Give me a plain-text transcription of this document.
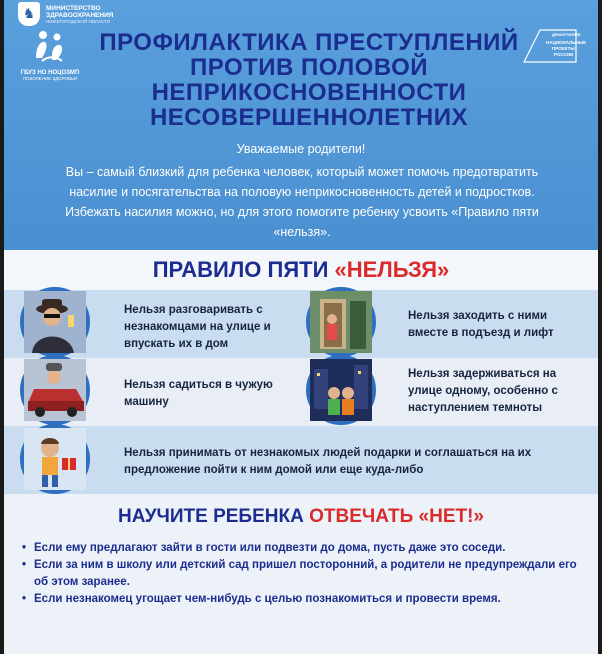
♞	МИНИСТЕРСТВО
ЗДРАВООХРАНЕНИЯ
НИЖЕГОРОДСКОЙ ОБЛАСТИ
ГБУЗ НО НОЦОЗМП
ПОКОЛЕНИЕ ЗДОРОВЬЯ
ДЕМОГРАФИЯ
НАЦИОНАЛЬНЫЕ
ПРОЕКТЫ
РОССИИ
ПРОФИЛАКТИКА ПРЕСТУПЛЕНИЙ
ПРОТИВ ПОЛОВОЙ
НЕПРИКОСНОВЕННОСТИ
НЕСОВЕРШЕННОЛЕТНИХ
Уважаемые родители!
Вы – самый близкий для ребенка человек, который может помочь предотвратить насилие и посягательства на половую неприкосновенность детей и подростков. Избежать насилия можно, но для этого помогите ребенку усвоить «Правило пяти «нельзя».
ПРАВИЛО ПЯТИ «НЕЛЬЗЯ»
Нельзя разговаривать с незнакомцами на улице и впускать их в дом
Нельзя заходить с ними вместе в подъезд и лифт
Нельзя садиться в чужую машину
Нельзя задерживаться на улице одному, особенно с наступлением темноты
Нельзя принимать от незнакомых людей подарки и соглашаться на их предложение пойти к ним домой или еще куда-либо
НАУЧИТЕ РЕБЕНКА ОТВЕЧАТЬ «НЕТ!»
• Если ему предлагают зайти в гости или подвезти до дома, пусть даже это соседи.
• Если за ним в школу или детский сад пришел посторонний, а родители не предупреждали его об этом заранее.
• Если незнакомец угощает чем-нибудь с целью познакомиться и провести время.
